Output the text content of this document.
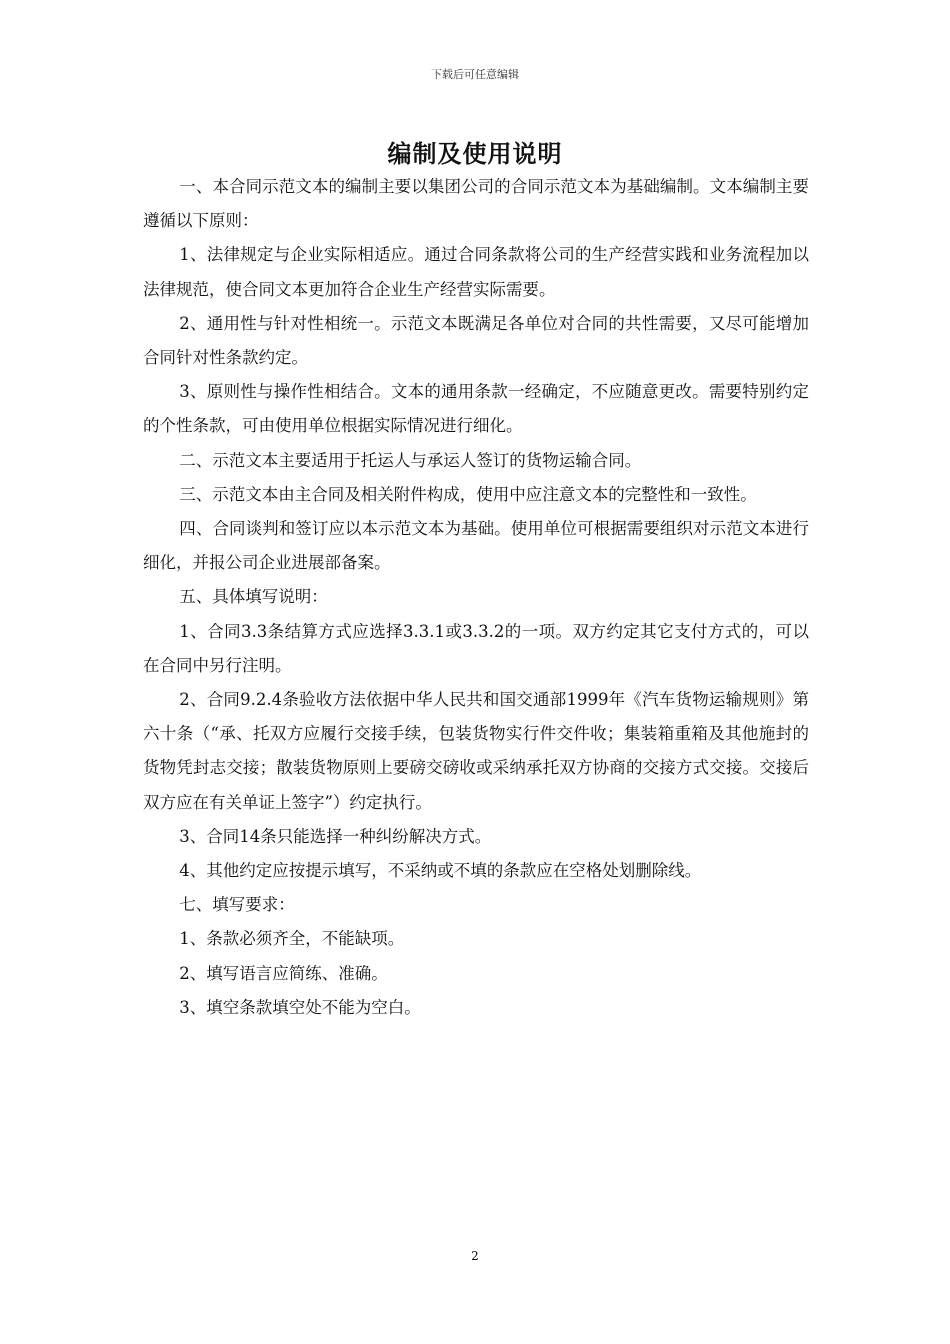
下载后可任意编辑
编制及使用说明

一、本合同示范文本的编制主要以集团公司的合同示范文本为基础编制。文本编制主要遵循以下原则：

1、法律规定与企业实际相适应。通过合同条款将公司的生产经营实践和业务流程加以法律规范，使合同文本更加符合企业生产经营实际需要。

2、通用性与针对性相统一。示范文本既满足各单位对合同的共性需要，又尽可能增加合同针对性条款约定。

3、原则性与操作性相结合。文本的通用条款一经确定，不应随意更改。需要特别约定的个性条款，可由使用单位根据实际情况进行细化。

二、示范文本主要适用于托运人与承运人签订的货物运输合同。

三、示范文本由主合同及相关附件构成，使用中应注意文本的完整性和一致性。

四、合同谈判和签订应以本示范文本为基础。使用单位可根据需要组织对示范文本进行细化，并报公司企业进展部备案。

五、具体填写说明：

1、合同3.3条结算方式应选择3.3.1或3.3.2的一项。双方约定其它支付方式的，可以在合同中另行注明。

2、合同9.2.4条验收方法依据中华人民共和国交通部1999年《汽车货物运输规则》第六十条（“承、托双方应履行交接手续，包装货物实行件交件收；集装箱重箱及其他施封的货物凭封志交接；散装货物原则上要磅交磅收或采纳承托双方协商的交接方式交接。交接后双方应在有关单证上签字”）约定执行。

3、合同14条只能选择一种纠纷解决方式。

4、其他约定应按提示填写，不采纳或不填的条款应在空格处划删除线。

七、填写要求：

1、条款必须齐全，不能缺项。

2、填写语言应简练、准确。

3、填空条款填空处不能为空白。

2
